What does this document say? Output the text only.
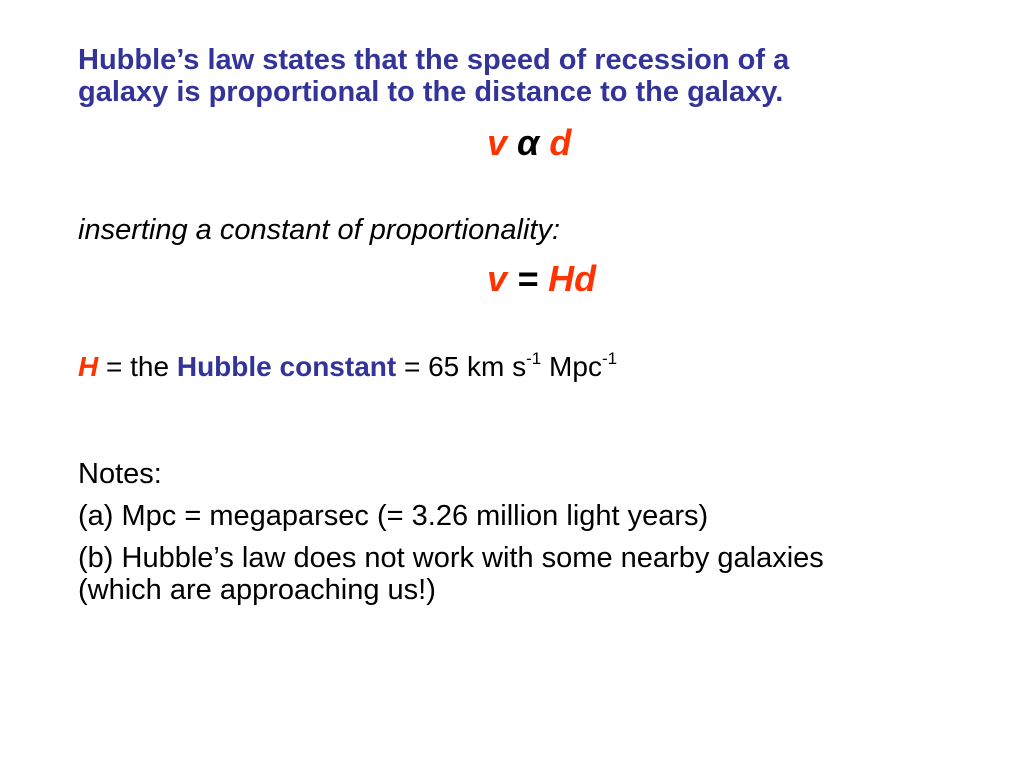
Hubble’s law states that the speed of recession of a
galaxy is proportional to the distance to the galaxy.
v α d
inserting a constant of proportionality:
v = Hd
H = the Hubble constant = 65 km $s^{-1}$ Mpc$^{-1}$
Notes:
(a) Mpc = megaparsec (= 3.26 million light years)
(b) Hubble’s law does not work with some nearby galaxies
(which are approaching us!)
